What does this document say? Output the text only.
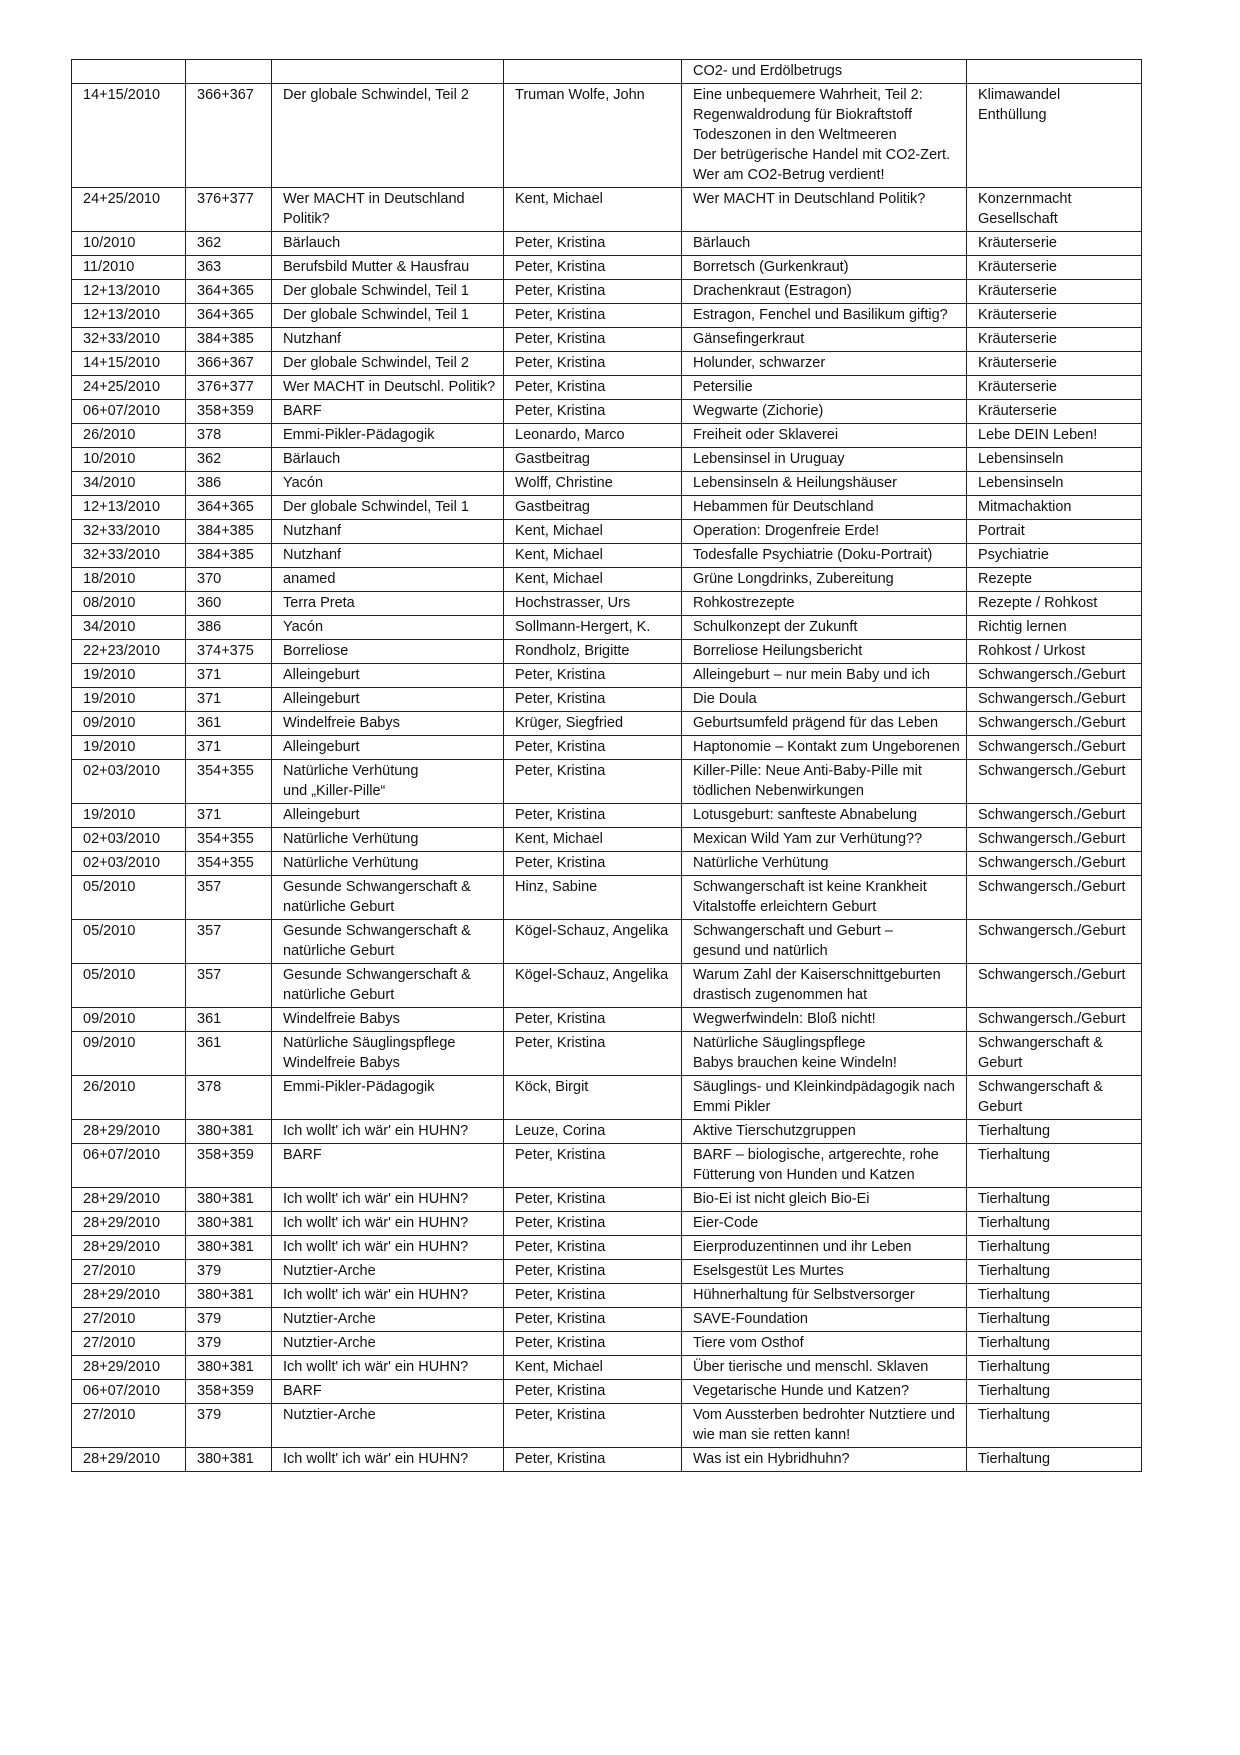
				CO2- und Erdölbetrugs	
14+15/2010	366+367	Der globale Schwindel, Teil 2	Truman Wolfe, John	Eine unbequemere Wahrheit, Teil 2:
Regenwaldrodung für Biokraftstoff
Todeszonen in den Weltmeeren
Der betrügerische Handel mit CO2-Zert.
Wer am CO2-Betrug verdient!	Klimawandel
Enthüllung
24+25/2010	376+377	Wer MACHT in Deutschland
Politik?	Kent, Michael	Wer MACHT in Deutschland Politik?	Konzernmacht
Gesellschaft
10/2010	362	Bärlauch	Peter, Kristina	Bärlauch	Kräuterserie
11/2010	363	Berufsbild Mutter & Hausfrau	Peter, Kristina	Borretsch (Gurkenkraut)	Kräuterserie
12+13/2010	364+365	Der globale Schwindel, Teil 1	Peter, Kristina	Drachenkraut (Estragon)	Kräuterserie
12+13/2010	364+365	Der globale Schwindel, Teil 1	Peter, Kristina	Estragon, Fenchel und Basilikum giftig?	Kräuterserie
32+33/2010	384+385	Nutzhanf	Peter, Kristina	Gänsefingerkraut	Kräuterserie
14+15/2010	366+367	Der globale Schwindel, Teil 2	Peter, Kristina	Holunder, schwarzer	Kräuterserie
24+25/2010	376+377	Wer MACHT in Deutschl. Politik?	Peter, Kristina	Petersilie	Kräuterserie
06+07/2010	358+359	BARF	Peter, Kristina	Wegwarte (Zichorie)	Kräuterserie
26/2010	378	Emmi-Pikler-Pädagogik	Leonardo, Marco	Freiheit oder Sklaverei	Lebe DEIN Leben!
10/2010	362	Bärlauch	Gastbeitrag	Lebensinsel in Uruguay	Lebensinseln
34/2010	386	Yacón	Wolff, Christine	Lebensinseln & Heilungshäuser	Lebensinseln
12+13/2010	364+365	Der globale Schwindel, Teil 1	Gastbeitrag	Hebammen für Deutschland	Mitmachaktion
32+33/2010	384+385	Nutzhanf	Kent, Michael	Operation: Drogenfreie Erde!	Portrait
32+33/2010	384+385	Nutzhanf	Kent, Michael	Todesfalle Psychiatrie (Doku-Portrait)	Psychiatrie
18/2010	370	anamed	Kent, Michael	Grüne Longdrinks, Zubereitung	Rezepte
08/2010	360	Terra Preta	Hochstrasser, Urs	Rohkostrezepte	Rezepte / Rohkost
34/2010	386	Yacón	Sollmann-Hergert, K.	Schulkonzept der Zukunft	Richtig lernen
22+23/2010	374+375	Borreliose	Rondholz, Brigitte	Borreliose Heilungsbericht	Rohkost / Urkost
19/2010	371	Alleingeburt	Peter, Kristina	Alleingeburt – nur mein Baby und ich	Schwangersch./Geburt
19/2010	371	Alleingeburt	Peter, Kristina	Die Doula	Schwangersch./Geburt
09/2010	361	Windelfreie Babys	Krüger, Siegfried	Geburtsumfeld prägend für das Leben	Schwangersch./Geburt
19/2010	371	Alleingeburt	Peter, Kristina	Haptonomie – Kontakt zum Ungeborenen	Schwangersch./Geburt
02+03/2010	354+355	Natürliche Verhütung
und „Killer-Pille“	Peter, Kristina	Killer-Pille: Neue Anti-Baby-Pille mit
tödlichen Nebenwirkungen	Schwangersch./Geburt
19/2010	371	Alleingeburt	Peter, Kristina	Lotusgeburt: sanfteste Abnabelung	Schwangersch./Geburt
02+03/2010	354+355	Natürliche Verhütung	Kent, Michael	Mexican Wild Yam zur Verhütung??	Schwangersch./Geburt
02+03/2010	354+355	Natürliche Verhütung	Peter, Kristina	Natürliche Verhütung	Schwangersch./Geburt
05/2010	357	Gesunde Schwangerschaft &
natürliche Geburt	Hinz, Sabine	Schwangerschaft ist keine Krankheit
Vitalstoffe erleichtern Geburt	Schwangersch./Geburt
05/2010	357	Gesunde Schwangerschaft &
natürliche Geburt	Kögel-Schauz, Angelika	Schwangerschaft und Geburt –
gesund und natürlich	Schwangersch./Geburt
05/2010	357	Gesunde Schwangerschaft &
natürliche Geburt	Kögel-Schauz, Angelika	Warum Zahl der Kaiserschnittgeburten
drastisch zugenommen hat	Schwangersch./Geburt
09/2010	361	Windelfreie Babys	Peter, Kristina	Wegwerfwindeln: Bloß nicht!	Schwangersch./Geburt
09/2010	361	Natürliche Säuglingspflege
Windelfreie Babys	Peter, Kristina	Natürliche Säuglingspflege
Babys brauchen keine Windeln!	Schwangerschaft &
Geburt
26/2010	378	Emmi-Pikler-Pädagogik	Köck, Birgit	Säuglings- und Kleinkindpädagogik nach
Emmi Pikler	Schwangerschaft &
Geburt
28+29/2010	380+381	Ich wollt' ich wär' ein HUHN?	Leuze, Corina	Aktive Tierschutzgruppen	Tierhaltung
06+07/2010	358+359	BARF	Peter, Kristina	BARF – biologische, artgerechte, rohe
Fütterung von Hunden und Katzen	Tierhaltung
28+29/2010	380+381	Ich wollt' ich wär' ein HUHN?	Peter, Kristina	Bio-Ei ist nicht gleich Bio-Ei	Tierhaltung
28+29/2010	380+381	Ich wollt' ich wär' ein HUHN?	Peter, Kristina	Eier-Code	Tierhaltung
28+29/2010	380+381	Ich wollt' ich wär' ein HUHN?	Peter, Kristina	Eierproduzentinnen und ihr Leben	Tierhaltung
27/2010	379	Nutztier-Arche	Peter, Kristina	Eselsgestüt Les Murtes	Tierhaltung
28+29/2010	380+381	Ich wollt' ich wär' ein HUHN?	Peter, Kristina	Hühnerhaltung für Selbstversorger	Tierhaltung
27/2010	379	Nutztier-Arche	Peter, Kristina	SAVE-Foundation	Tierhaltung
27/2010	379	Nutztier-Arche	Peter, Kristina	Tiere vom Osthof	Tierhaltung
28+29/2010	380+381	Ich wollt' ich wär' ein HUHN?	Kent, Michael	Über tierische und menschl. Sklaven	Tierhaltung
06+07/2010	358+359	BARF	Peter, Kristina	Vegetarische Hunde und Katzen?	Tierhaltung
27/2010	379	Nutztier-Arche	Peter, Kristina	Vom Aussterben bedrohter Nutztiere und
wie man sie retten kann!	Tierhaltung
28+29/2010	380+381	Ich wollt' ich wär' ein HUHN?	Peter, Kristina	Was ist ein Hybridhuhn?	Tierhaltung
